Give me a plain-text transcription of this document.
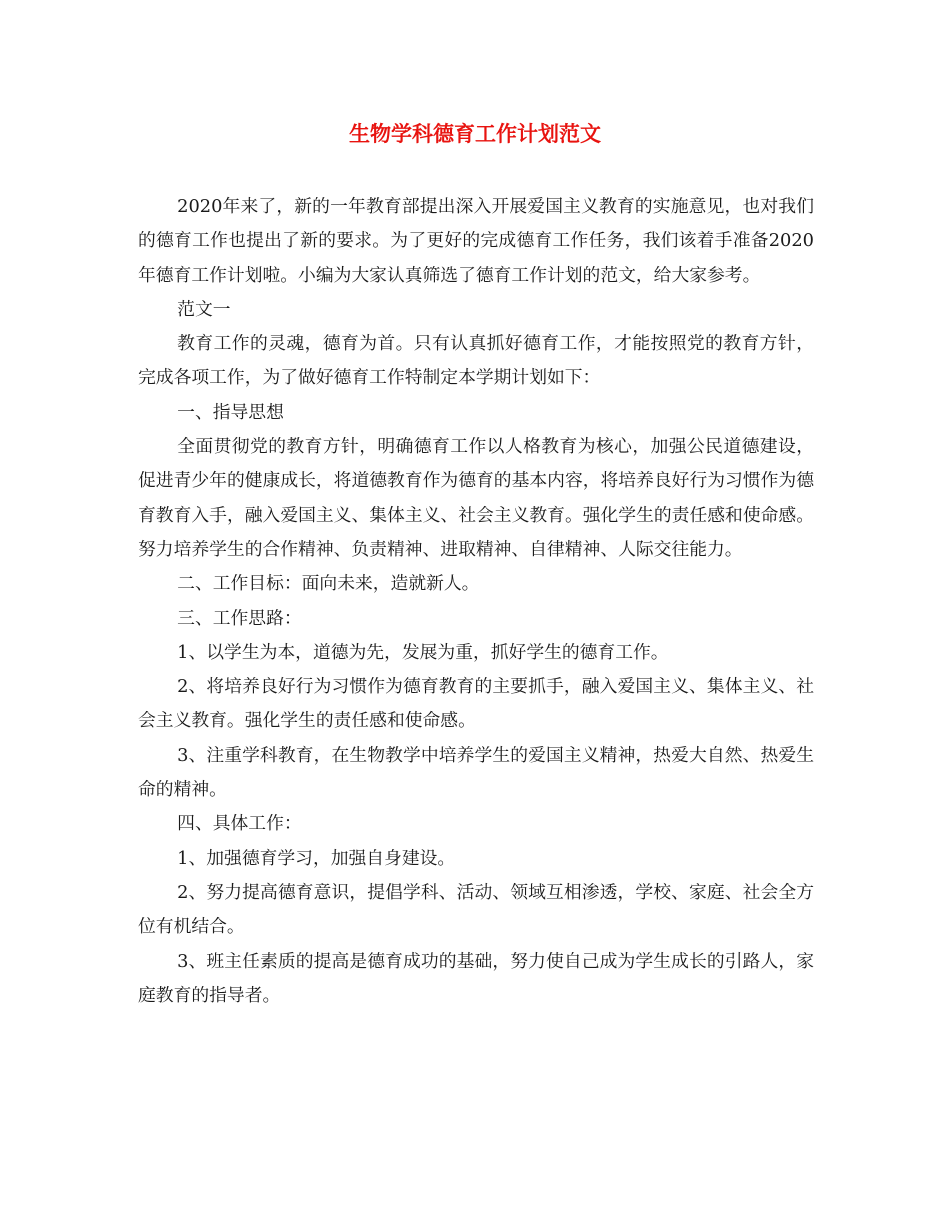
生物学科德育工作计划范文

2020年来了，新的一年教育部提出深入开展爱国主义教育的实施意见，也对我们的德育工作也提出了新的要求。为了更好的完成德育工作任务，我们该着手准备2020年德育工作计划啦。小编为大家认真筛选了德育工作计划的范文，给大家参考。

范文一

教育工作的灵魂，德育为首。只有认真抓好德育工作，才能按照党的教育方针，完成各项工作，为了做好德育工作特制定本学期计划如下：

一、指导思想

全面贯彻党的教育方针，明确德育工作以人格教育为核心，加强公民道德建设，促进青少年的健康成长，将道德教育作为德育的基本内容，将培养良好行为习惯作为德育教育入手，融入爱国主义、集体主义、社会主义教育。强化学生的责任感和使命感。努力培养学生的合作精神、负责精神、进取精神、自律精神、人际交往能力。

二、工作目标：面向未来，造就新人。

三、工作思路：

1、以学生为本，道德为先，发展为重，抓好学生的德育工作。

2、将培养良好行为习惯作为德育教育的主要抓手，融入爱国主义、集体主义、社会主义教育。强化学生的责任感和使命感。

3、注重学科教育，在生物教学中培养学生的爱国主义精神，热爱大自然、热爱生命的精神。

四、具体工作：

1、加强德育学习，加强自身建设。

2、努力提高德育意识，提倡学科、活动、领域互相渗透，学校、家庭、社会全方位有机结合。

3、班主任素质的提高是德育成功的基础，努力使自己成为学生成长的引路人，家庭教育的指导者。
